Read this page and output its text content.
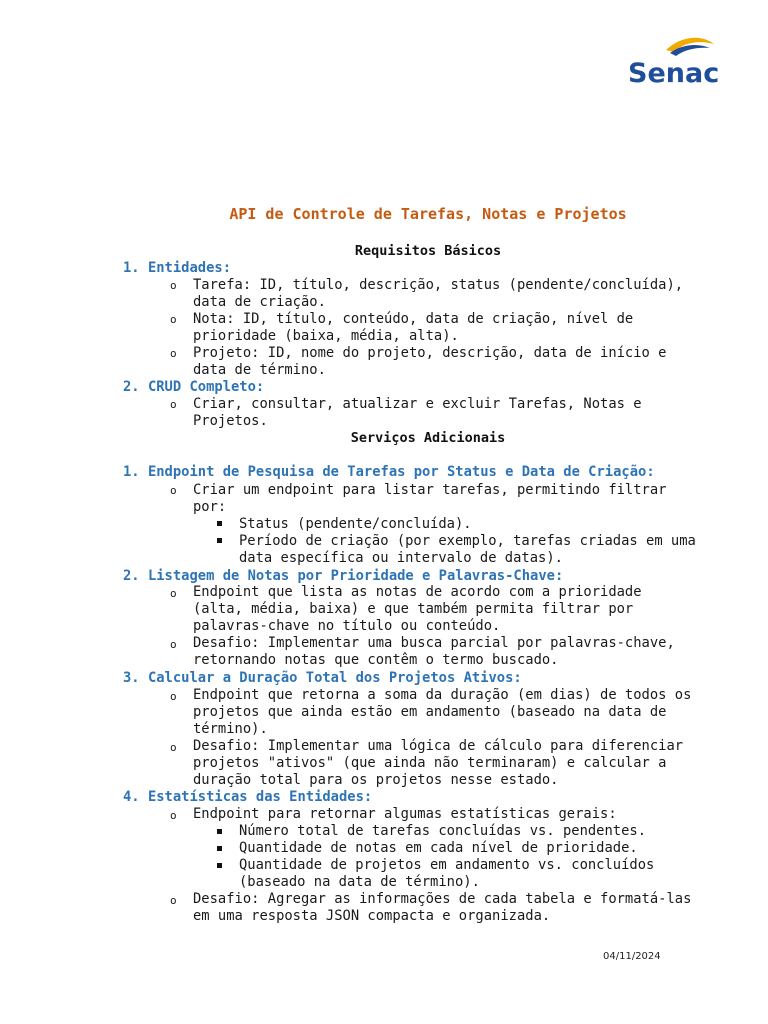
Senac
API de Controle de Tarefas, Notas e Projetos
Requisitos Básicos
1. Entidades:
o Tarefa: ID, título, descrição, status (pendente/concluída),
data de criação.
o Nota: ID, título, conteúdo, data de criação, nível de
prioridade (baixa, média, alta).
o Projeto: ID, nome do projeto, descrição, data de início e
data de término.
2. CRUD Completo:
o Criar, consultar, atualizar e excluir Tarefas, Notas e
Projetos.
Serviços Adicionais
1. Endpoint de Pesquisa de Tarefas por Status e Data de Criação:
o Criar um endpoint para listar tarefas, permitindo filtrar
por:
Status (pendente/concluída).
Período de criação (por exemplo, tarefas criadas em uma
data específica ou intervalo de datas).
2. Listagem de Notas por Prioridade e Palavras-Chave:
o Endpoint que lista as notas de acordo com a prioridade
(alta, média, baixa) e que também permita filtrar por
palavras-chave no título ou conteúdo.
o Desafio: Implementar uma busca parcial por palavras-chave,
retornando notas que contêm o termo buscado.
3. Calcular a Duração Total dos Projetos Ativos:
o Endpoint que retorna a soma da duração (em dias) de todos os
projetos que ainda estão em andamento (baseado na data de
término).
o Desafio: Implementar uma lógica de cálculo para diferenciar
projetos "ativos" (que ainda não terminaram) e calcular a
duração total para os projetos nesse estado.
4. Estatísticas das Entidades:
o Endpoint para retornar algumas estatísticas gerais:
Número total de tarefas concluídas vs. pendentes.
Quantidade de notas em cada nível de prioridade.
Quantidade de projetos em andamento vs. concluídos
(baseado na data de término).
o Desafio: Agregar as informações de cada tabela e formatá-las
em uma resposta JSON compacta e organizada.
04/11/2024
